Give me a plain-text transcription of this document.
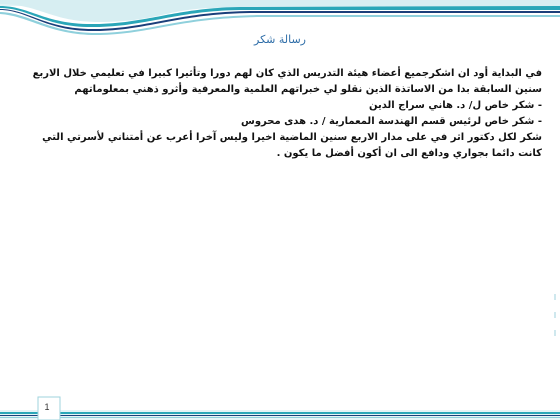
رسالة شكر

في البداية أود ان اشكرجميع أعضاء هيئة التدريس الذي كان لهم دورا وتأثيرا كبيرا في تعليمي خلال الاربع سنين السابقة بدا من الاساتذة الذين نقلو لي خبراتهم العلمية والمعرفية وأثرو ذهني بمعلوماتهم

- شكر خاص ل/ د. هاني سراج الدين

- شكر خاص لرئيس قسم الهندسة المعمارية / د. هدى محروس

شكر لكل دكتور اثر في على مدار الاربع سنين الماضية اخيرا وليس آخرا أعرب عن أمتناني لأسرتي التي كانت دائما بجواري ودافع الى ان أكون أفضل ما يكون .

1
